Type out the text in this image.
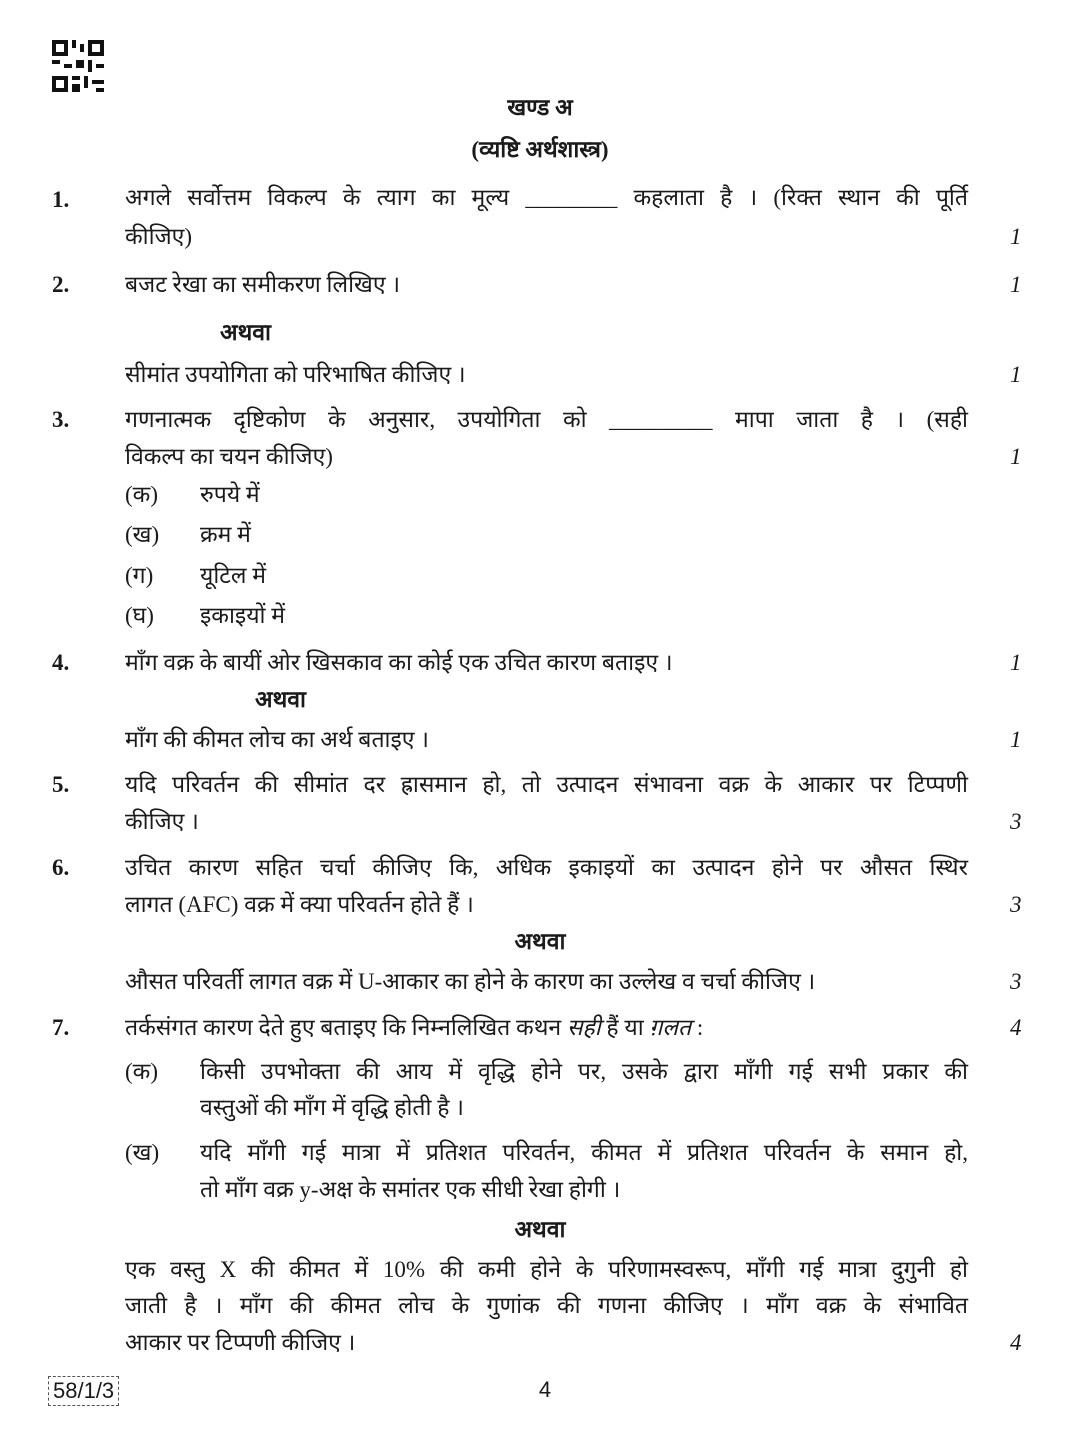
खण्ड अ
(व्यष्टि अर्थशास्त्र)
1. अगले सर्वोत्तम विकल्प के त्याग का मूल्य ________ कहलाता है । (रिक्त स्थान की पूर्ति
कीजिए)	1
2. बजट रेखा का समीकरण लिखिए ।	1
अथवा
सीमांत उपयोगिता को परिभाषित कीजिए ।	1
3. गणनात्मक दृष्टिकोण के अनुसार, उपयोगिता को _________ मापा जाता है । (सही
विकल्प का चयन कीजिए)	1
(क) रुपये में
(ख) क्रम में
(ग) यूटिल में
(घ) इकाइयों में
4. माँग वक्र के बायीं ओर खिसकाव का कोई एक उचित कारण बताइए ।	1
अथवा
माँग की कीमत लोच का अर्थ बताइए ।	1
5. यदि परिवर्तन की सीमांत दर ह्रासमान हो, तो उत्पादन संभावना वक्र के आकार पर टिप्पणी
कीजिए ।	3
6. उचित कारण सहित चर्चा कीजिए कि, अधिक इकाइयों का उत्पादन होने पर औसत स्थिर
लागत (AFC) वक्र में क्या परिवर्तन होते हैं ।	3
अथवा
औसत परिवर्ती लागत वक्र में U-आकार का होने के कारण का उल्लेख व चर्चा कीजिए ।	3
7. तर्कसंगत कारण देते हुए बताइए कि निम्नलिखित कथन सही हैं या ग़लत :	4
(क) किसी उपभोक्ता की आय में वृद्धि होने पर, उसके द्वारा माँगी गई सभी प्रकार की
वस्तुओं की माँग में वृद्धि होती है ।
(ख) यदि माँगी गई मात्रा में प्रतिशत परिवर्तन, कीमत में प्रतिशत परिवर्तन के समान हो,
तो माँग वक्र y-अक्ष के समांतर एक सीधी रेखा होगी ।
अथवा
एक वस्तु X की कीमत में 10% की कमी होने के परिणामस्वरूप, माँगी गई मात्रा दुगुनी हो
जाती है । माँग की कीमत लोच के गुणांक की गणना कीजिए । माँग वक्र के संभावित
आकार पर टिप्पणी कीजिए ।	4
58/1/3	4
